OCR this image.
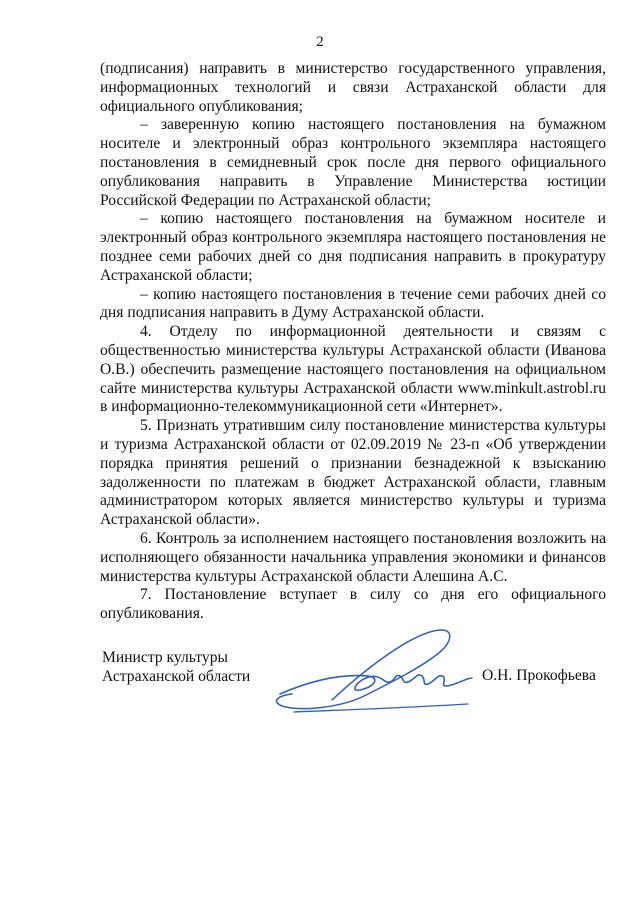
2

(подписания) направить в министерство государственного управления, информационных технологий и связи Астраханской области для официального опубликования;

– заверенную копию настоящего постановления на бумажном носителе и электронный образ контрольного экземпляра настоящего постановления в семидневный срок после дня первого официального опубликования направить в Управление Министерства юстиции Российской Федерации по Астраханской области;

– копию настоящего постановления на бумажном носителе и электронный образ контрольного экземпляра настоящего постановления не позднее семи рабочих дней со дня подписания направить в прокуратуру Астраханской области;

– копию настоящего постановления в течение семи рабочих дней со дня подписания направить в Думу Астраханской области.

4. Отделу по информационной деятельности и связям с общественностью министерства культуры Астраханской области (Иванова О.В.) обеспечить размещение настоящего постановления на официальном сайте министерства культуры Астраханской области www.minkult.astrobl.ru в информационно-телекоммуникационной сети «Интернет».

5. Признать утратившим силу постановление министерства культуры и туризма Астраханской области от 02.09.2019 № 23-п «Об утверждении порядка принятия решений о признании безнадежной к взысканию задолженности по платежам в бюджет Астраханской области, главным администратором которых является министерство культуры и туризма Астраханской области».

6. Контроль за исполнением настоящего постановления возложить на исполняющего обязанности начальника управления экономики и финансов министерства культуры Астраханской области Алешина А.С.

7. Постановление вступает в силу со дня его официального опубликования.

Министр культуры
Астраханской области	О.Н. Прокофьева
